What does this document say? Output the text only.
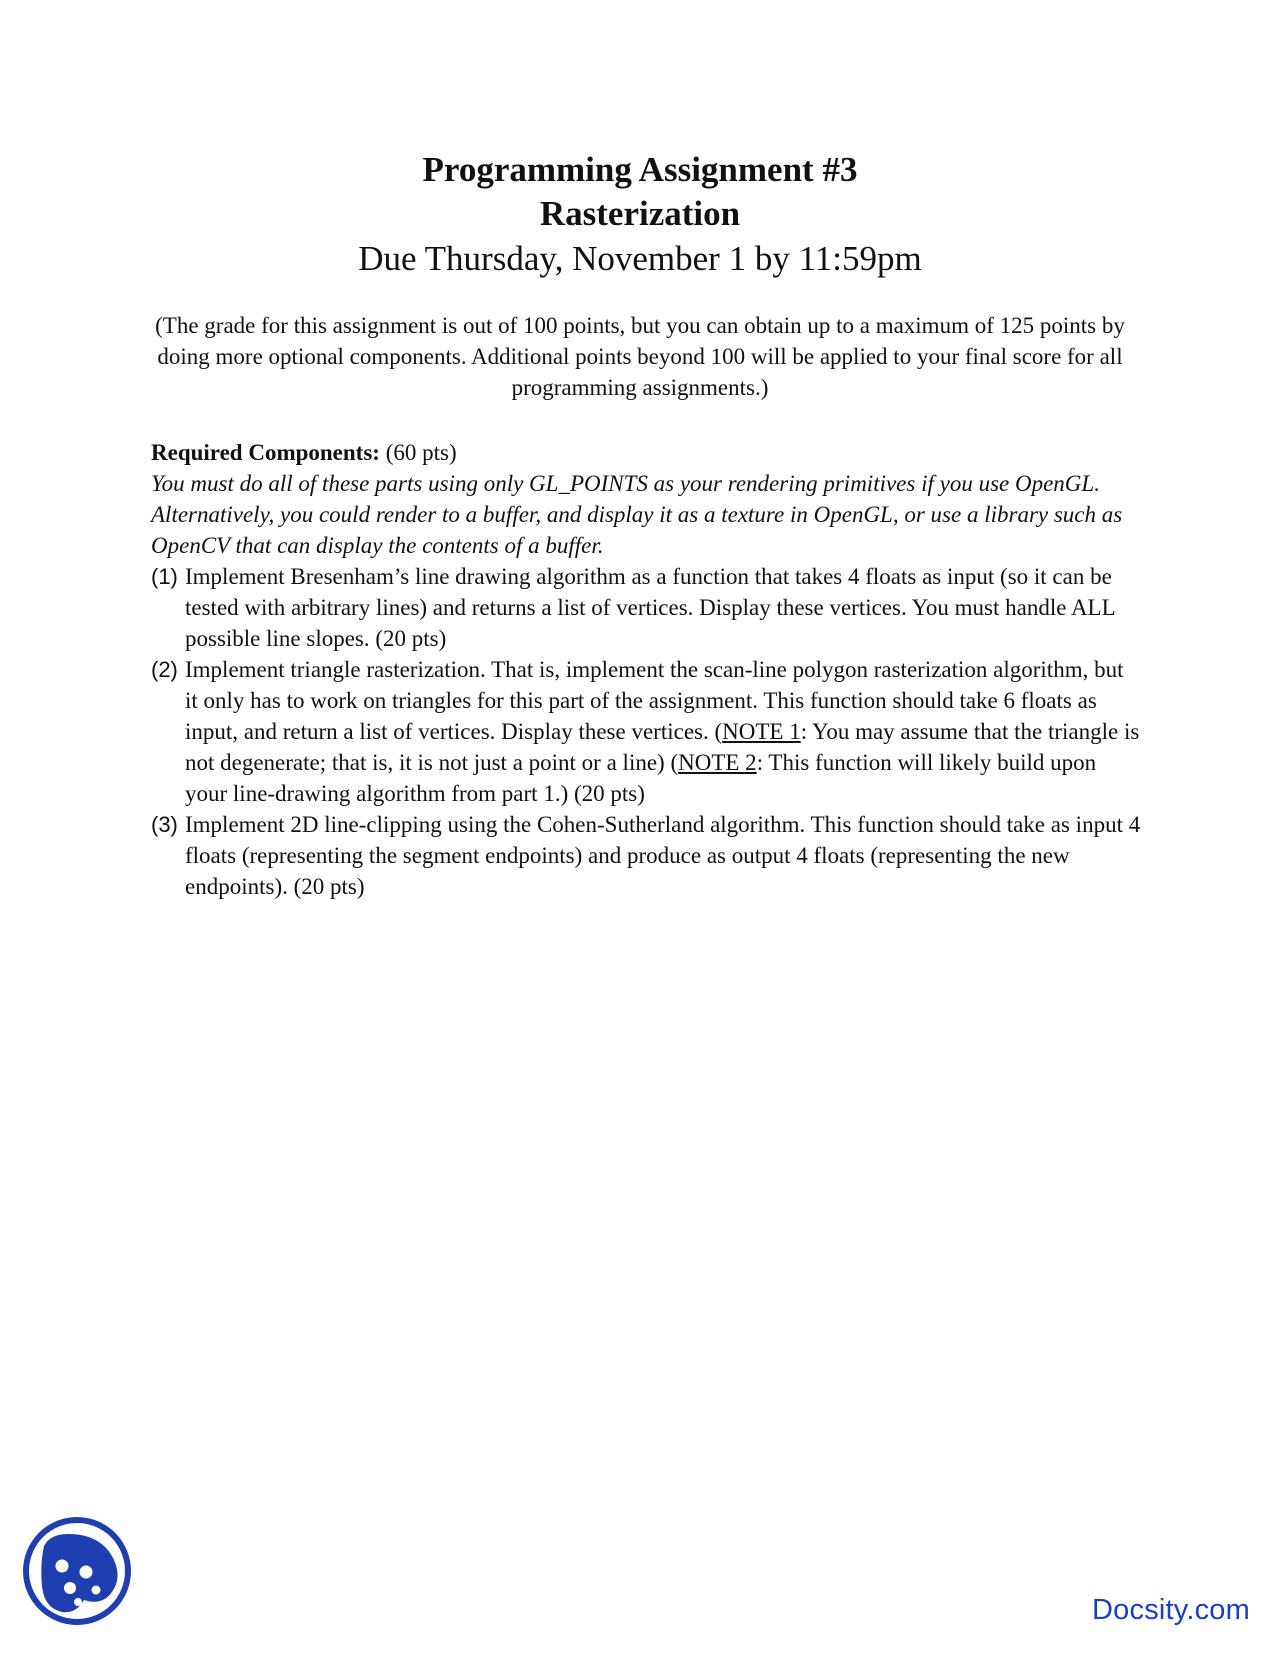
Programming Assignment #3

Rasterization

Due Thursday, November 1 by 11:59pm

(The grade for this assignment is out of 100 points, but you can obtain up to a maximum of 125 points by doing more optional components. Additional points beyond 100 will be applied to your final score for all programming assignments.)

Required Components: (60 pts)

You must do all of these parts using only GL_POINTS as your rendering primitives if you use OpenGL. Alternatively, you could render to a buffer, and display it as a texture in OpenGL, or use a library such as OpenCV that can display the contents of a buffer.

(1) Implement Bresenham’s line drawing algorithm as a function that takes 4 floats as input (so it can be tested with arbitrary lines) and returns a list of vertices. Display these vertices. You must handle ALL possible line slopes. (20 pts)
(2) Implement triangle rasterization. That is, implement the scan-line polygon rasterization algorithm, but it only has to work on triangles for this part of the assignment. This function should take 6 floats as input, and return a list of vertices. Display these vertices. (NOTE 1: You may assume that the triangle is not degenerate; that is, it is not just a point or a line) (NOTE 2: This function will likely build upon your line-drawing algorithm from part 1.) (20 pts)
(3) Implement 2D line-clipping using the Cohen-Sutherland algorithm. This function should take as input 4 floats (representing the segment endpoints) and produce as output 4 floats (representing the new endpoints). (20 pts)
Docsity.com
